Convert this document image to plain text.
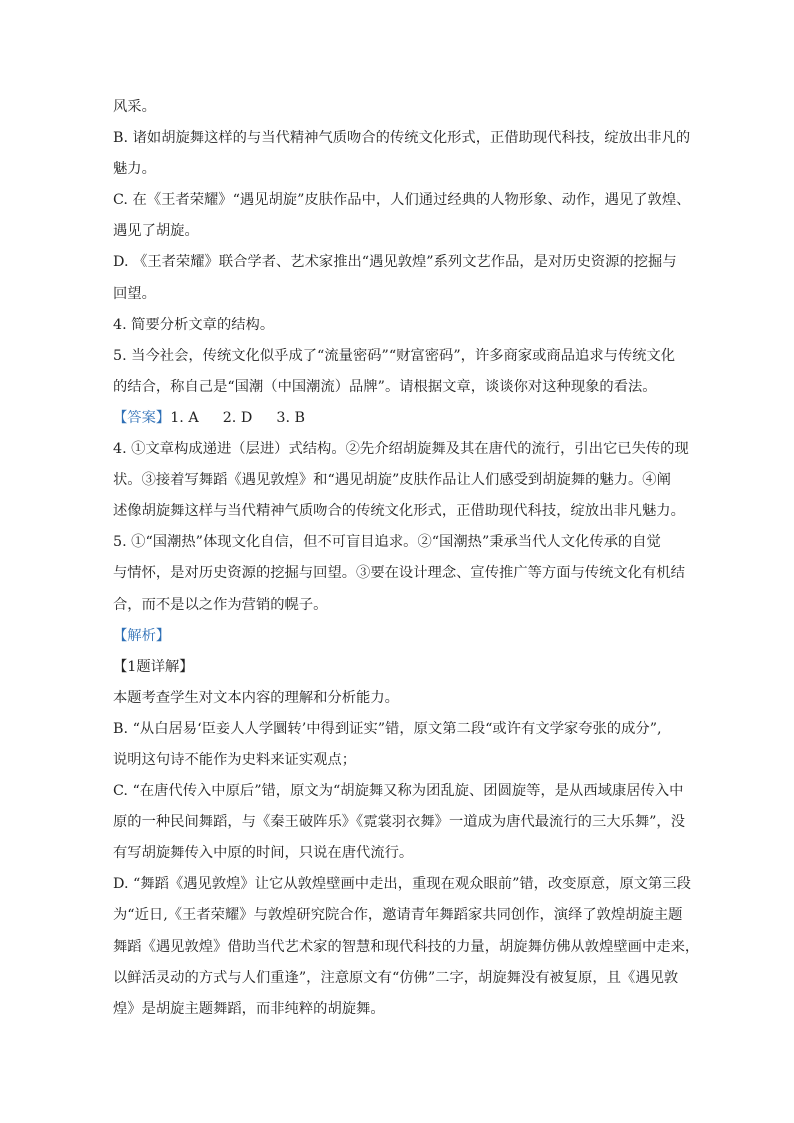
风采。
B. 诸如胡旋舞这样的与当代精神气质吻合的传统文化形式，正借助现代科技，绽放出非凡的
魅力。
C. 在《王者荣耀》“遇见胡旋”皮肤作品中，人们通过经典的人物形象、动作，遇见了敦煌、
遇见了胡旋。
D. 《王者荣耀》联合学者、艺术家推出“遇见敦煌”系列文艺作品，是对历史资源的挖掘与
回望。
4. 简要分析文章的结构。
5. 当今社会，传统文化似乎成了“流量密码”“财富密码”，许多商家或商品追求与传统文化
的结合，称自己是“国潮（中国潮流）品牌”。请根据文章，谈谈你对这种现象的看法。
【答案】1. A 2. D 3. B
4. ①文章构成递进（层进）式结构。②先介绍胡旋舞及其在唐代的流行，引出它已失传的现
状。③接着写舞蹈《遇见敦煌》和“遇见胡旋”皮肤作品让人们感受到胡旋舞的魅力。④阐
述像胡旋舞这样与当代精神气质吻合的传统文化形式，正借助现代科技，绽放出非凡魅力。
5. ①“国潮热”体现文化自信，但不可盲目追求。②“国潮热”秉承当代人文化传承的自觉
与情怀，是对历史资源的挖掘与回望。③要在设计理念、宣传推广等方面与传统文化有机结
合，而不是以之作为营销的幌子。
【解析】
【1题详解】
本题考查学生对文本内容的理解和分析能力。
B. “从白居易‘臣妾人人学圜转’中得到证实”错，原文第二段“或许有文学家夸张的成分”,
说明这句诗不能作为史料来证实观点；
C. “在唐代传入中原后”错，原文为“胡旋舞又称为团乱旋、团圆旋等，是从西域康居传入中
原的一种民间舞蹈，与《秦王破阵乐》《霓裳羽衣舞》一道成为唐代最流行的三大乐舞”，没
有写胡旋舞传入中原的时间，只说在唐代流行。
D. “舞蹈《遇见敦煌》让它从敦煌壁画中走出，重现在观众眼前”错，改变原意，原文第三段
为“近日,《王者荣耀》与敦煌研究院合作，邀请青年舞蹈家共同创作，演绎了敦煌胡旋主题
舞蹈《遇见敦煌》借助当代艺术家的智慧和现代科技的力量，胡旋舞仿佛从敦煌壁画中走来，
以鲜活灵动的方式与人们重逢”，注意原文有“仿佛”二字，胡旋舞没有被复原，且《遇见敦
煌》是胡旋主题舞蹈，而非纯粹的胡旋舞。
